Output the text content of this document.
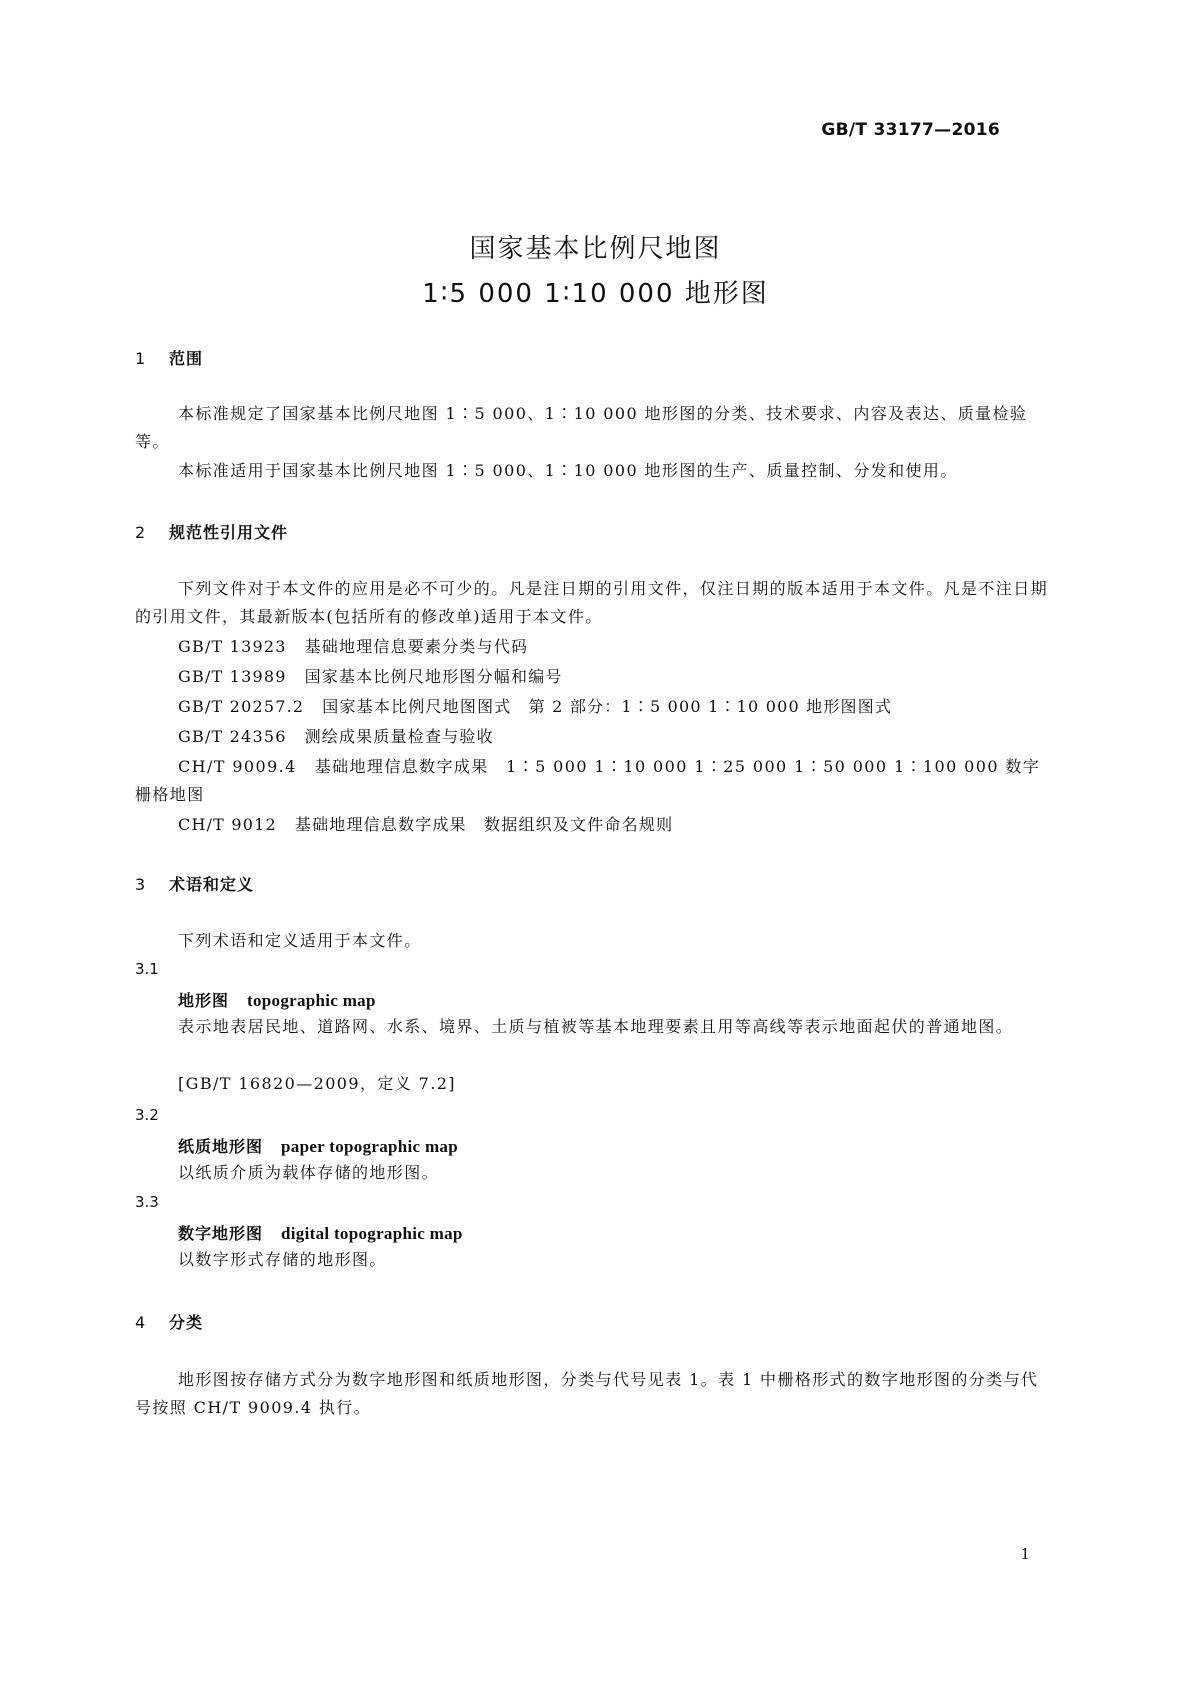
GB/T 33177—2016
国家基本比例尺地图
1∶5 000 1∶10 000 地形图
1 范围
本标准规定了国家基本比例尺地图 1∶5 000、1∶10 000 地形图的分类、技术要求、内容及表达、质量检验等。
本标准适用于国家基本比例尺地图 1∶5 000、1∶10 000 地形图的生产、质量控制、分发和使用。
2 规范性引用文件
下列文件对于本文件的应用是必不可少的。凡是注日期的引用文件，仅注日期的版本适用于本文件。凡是不注日期的引用文件，其最新版本(包括所有的修改单)适用于本文件。
GB/T 13923 基础地理信息要素分类与代码
GB/T 13989 国家基本比例尺地形图分幅和编号
GB/T 20257.2 国家基本比例尺地图图式　第 2 部分：1∶5 000 1∶10 000 地形图图式
GB/T 24356 测绘成果质量检查与验收
CH/T 9009.4 基础地理信息数字成果　1∶5 000 1∶10 000 1∶25 000 1∶50 000 1∶100 000 数字栅格地图
CH/T 9012 基础地理信息数字成果　数据组织及文件命名规则
3 术语和定义
下列术语和定义适用于本文件。
3.1
地形图 topographic map
表示地表居民地、道路网、水系、境界、土质与植被等基本地理要素且用等高线等表示地面起伏的普通地图。
[GB/T 16820—2009，定义 7.2]
3.2
纸质地形图 paper topographic map
以纸质介质为载体存储的地形图。
3.3
数字地形图 digital topographic map
以数字形式存储的地形图。
4 分类
地形图按存储方式分为数字地形图和纸质地形图，分类与代号见表 1。表 1 中栅格形式的数字地形图的分类与代号按照 CH/T 9009.4 执行。
1
